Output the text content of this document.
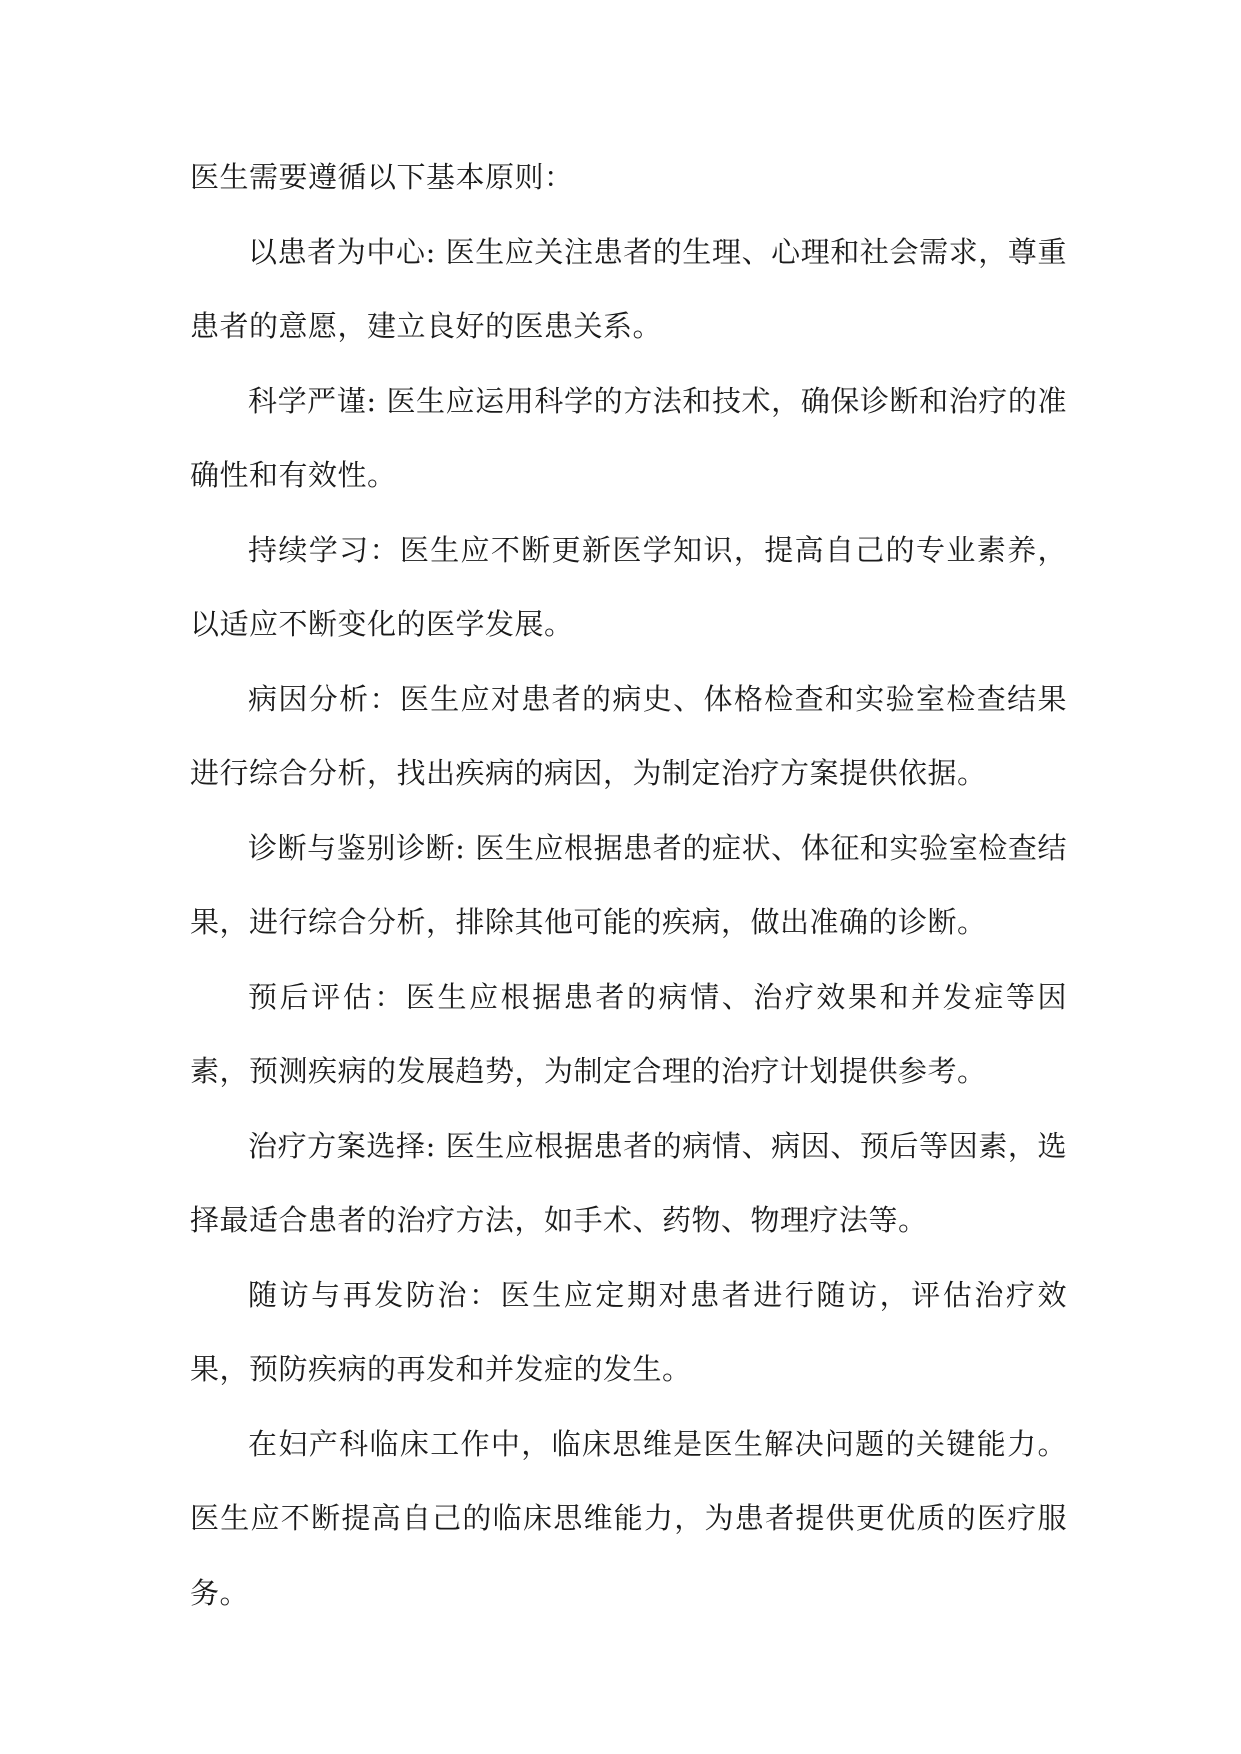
医生需要遵循以下基本原则：

以患者为中心: 医生应关注患者的生理、心理和社会需求，尊重患者的意愿，建立良好的医患关系。

科学严谨: 医生应运用科学的方法和技术，确保诊断和治疗的准确性和有效性。

持续学习：医生应不断更新医学知识，提高自己的专业素养，以适应不断变化的医学发展。

病因分析：医生应对患者的病史、体格检查和实验室检查结果进行综合分析，找出疾病的病因，为制定治疗方案提供依据。

诊断与鉴别诊断: 医生应根据患者的症状、体征和实验室检查结果，进行综合分析，排除其他可能的疾病，做出准确的诊断。

预后评估：医生应根据患者的病情、治疗效果和并发症等因素，预测疾病的发展趋势，为制定合理的治疗计划提供参考。

治疗方案选择: 医生应根据患者的病情、病因、预后等因素，选择最适合患者的治疗方法，如手术、药物、物理疗法等。

随访与再发防治：医生应定期对患者进行随访，评估治疗效果，预防疾病的再发和并发症的发生。

在妇产科临床工作中，临床思维是医生解决问题的关键能力。医生应不断提高自己的临床思维能力，为患者提供更优质的医疗服务。
